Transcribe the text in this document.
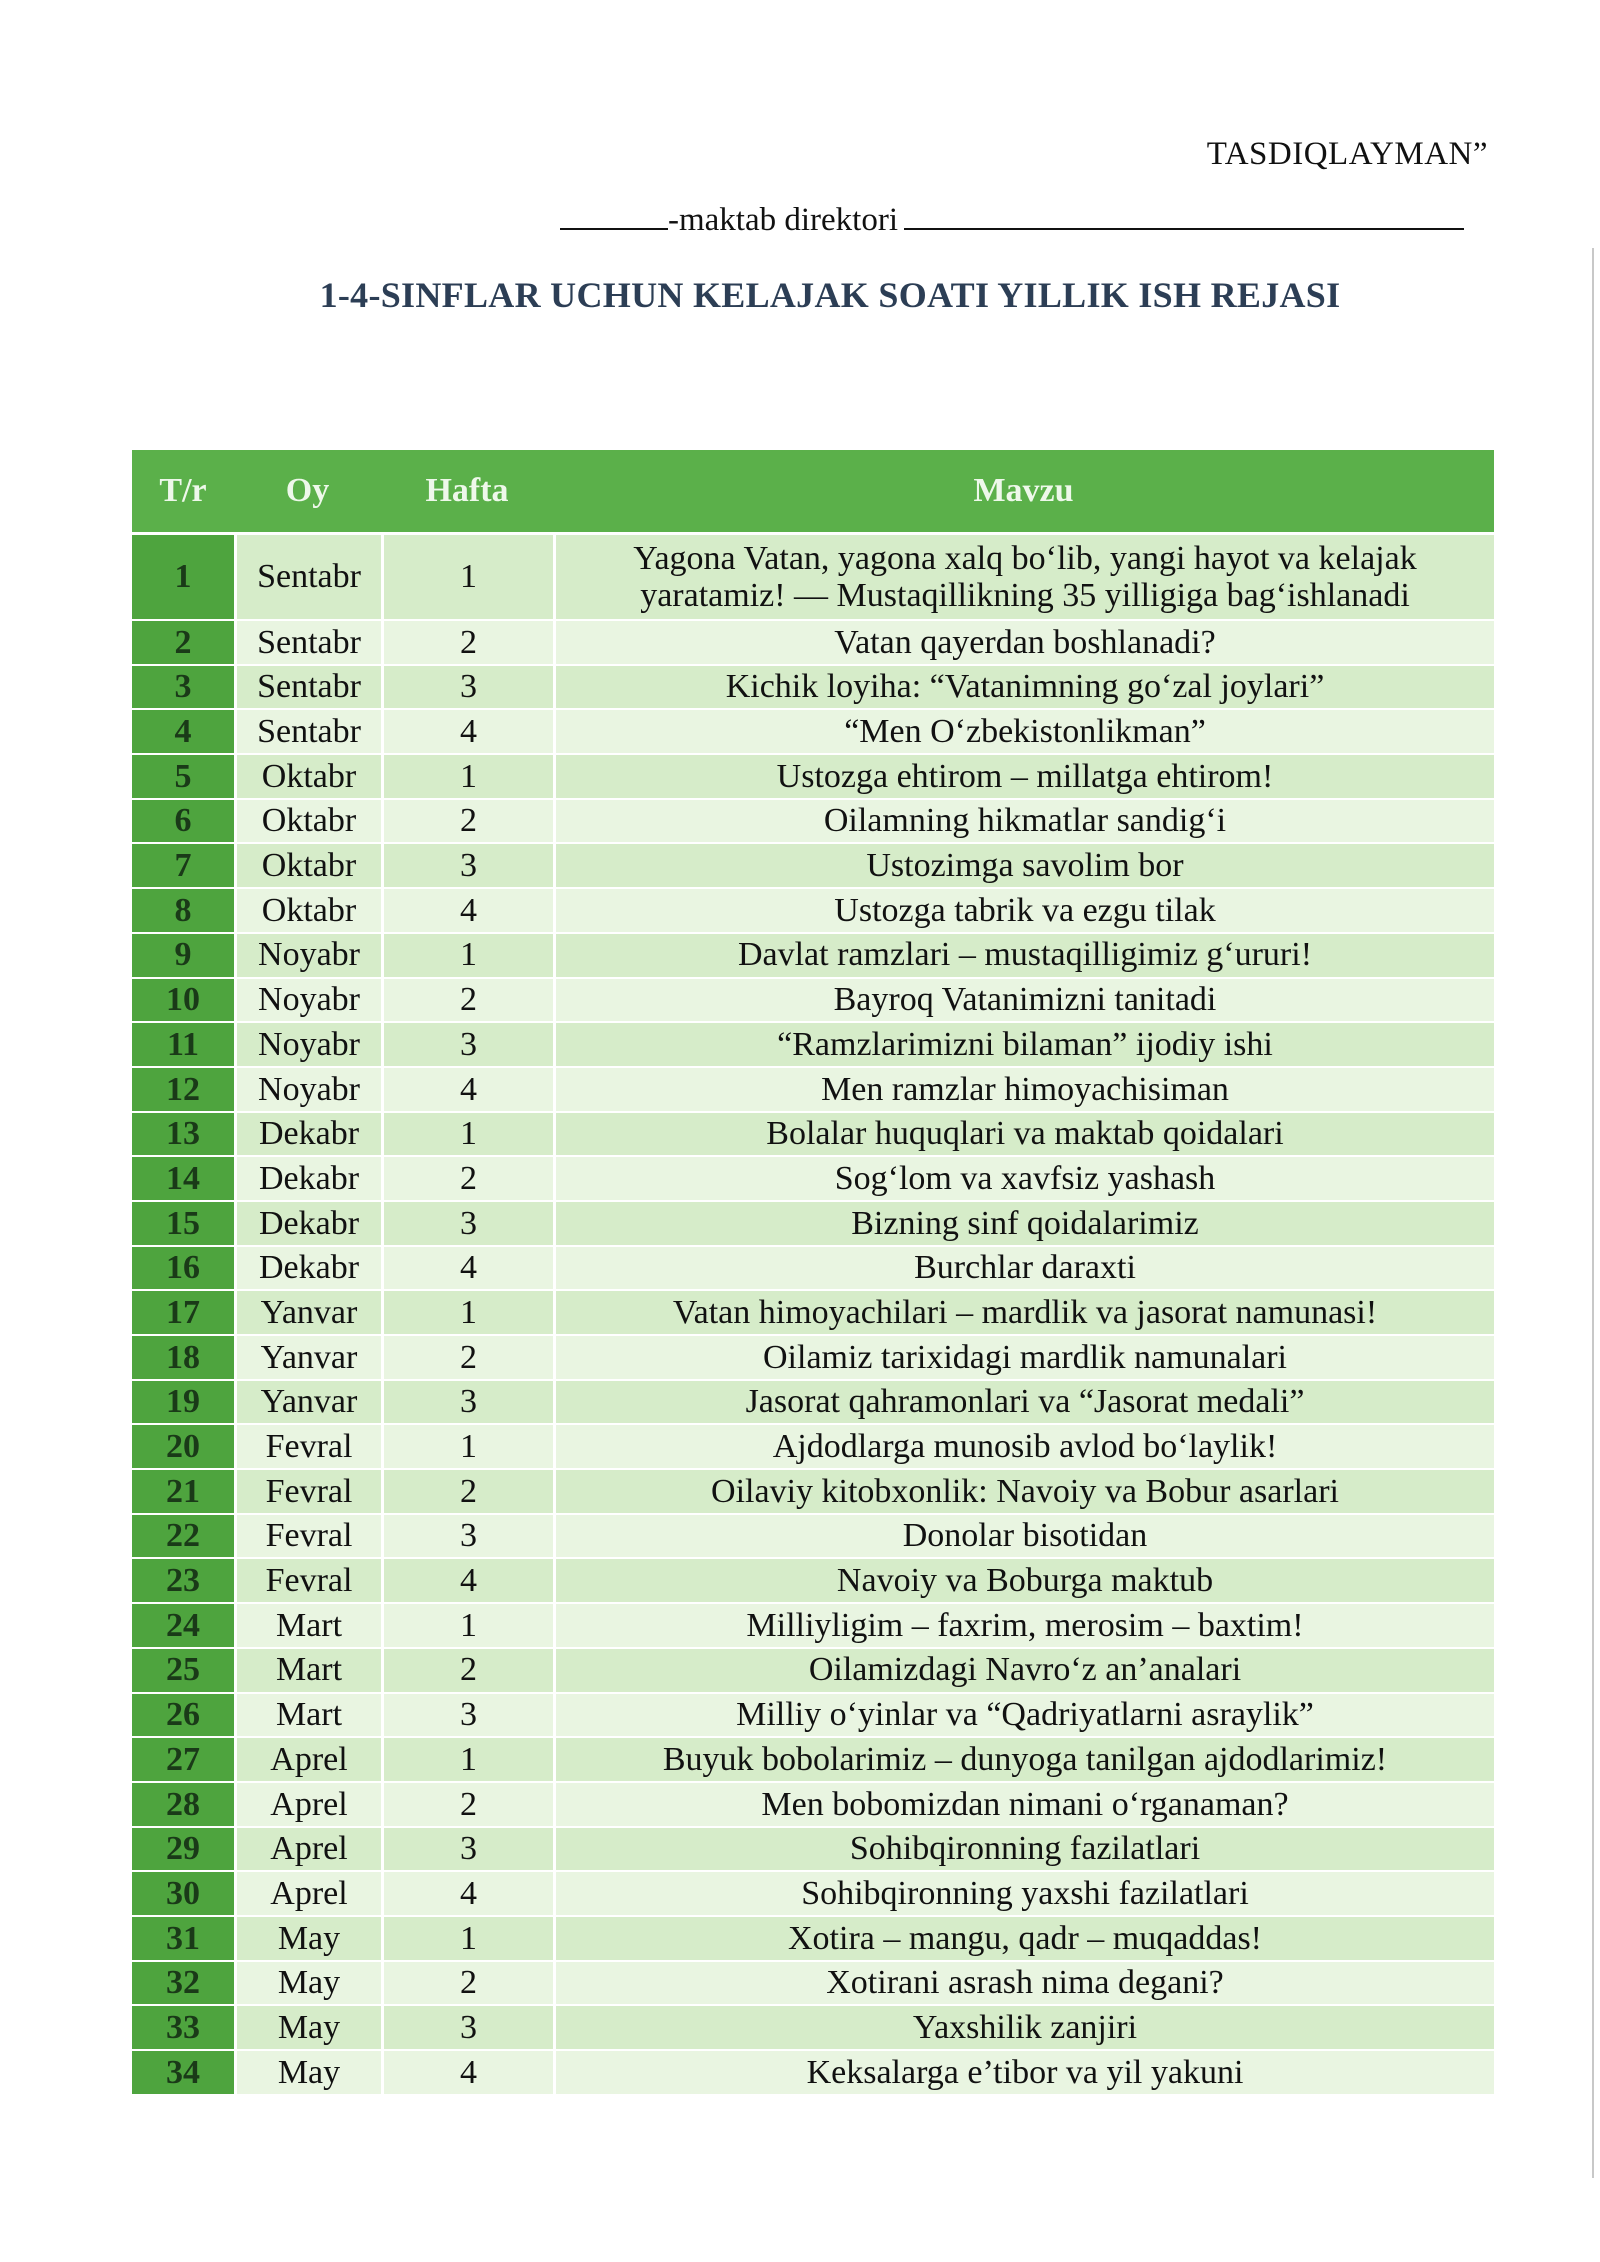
TASDIQLAYMAN”
-maktab direktori
1-4-SINFLAR UCHUN KELAJAK SOATI YILLIK ISH REJASI
T/r	Oy	Hafta	Mavzu
1	Sentabr	1	Yagona Vatan, yagona xalq bo‘lib, yangi hayot va kelajak yaratamiz! — Mustaqillikning 35 yilligiga bag‘ishlanadi
2	Sentabr	2	Vatan qayerdan boshlanadi?
3	Sentabr	3	Kichik loyiha: “Vatanimning go‘zal joylari”
4	Sentabr	4	“Men O‘zbekistonlikman”
5	Oktabr	1	Ustozga ehtirom – millatga ehtirom!
6	Oktabr	2	Oilamning hikmatlar sandig‘i
7	Oktabr	3	Ustozimga savolim bor
8	Oktabr	4	Ustozga tabrik va ezgu tilak
9	Noyabr	1	Davlat ramzlari – mustaqilligimiz g‘ururi!
10	Noyabr	2	Bayroq Vatanimizni tanitadi
11	Noyabr	3	“Ramzlarimizni bilaman” ijodiy ishi
12	Noyabr	4	Men ramzlar himoyachisiman
13	Dekabr	1	Bolalar huquqlari va maktab qoidalari
14	Dekabr	2	Sog‘lom va xavfsiz yashash
15	Dekabr	3	Bizning sinf qoidalarimiz
16	Dekabr	4	Burchlar daraxti
17	Yanvar	1	Vatan himoyachilari – mardlik va jasorat namunasi!
18	Yanvar	2	Oilamiz tarixidagi mardlik namunalari
19	Yanvar	3	Jasorat qahramonlari va “Jasorat medali”
20	Fevral	1	Ajdodlarga munosib avlod bo‘laylik!
21	Fevral	2	Oilaviy kitobxonlik: Navoiy va Bobur asarlari
22	Fevral	3	Donolar bisotidan
23	Fevral	4	Navoiy va Boburga maktub
24	Mart	1	Milliyligim – faxrim, merosim – baxtim!
25	Mart	2	Oilamizdagi Navro‘z an’analari
26	Mart	3	Milliy o‘yinlar va “Qadriyatlarni asraylik”
27	Aprel	1	Buyuk bobolarimiz – dunyoga tanilgan ajdodlarimiz!
28	Aprel	2	Men bobomizdan nimani o‘rganaman?
29	Aprel	3	Sohibqironning fazilatlari
30	Aprel	4	Sohibqironning yaxshi fazilatlari
31	May	1	Xotira – mangu, qadr – muqaddas!
32	May	2	Xotirani asrash nima degani?
33	May	3	Yaxshilik zanjiri
34	May	4	Keksalarga e’tibor va yil yakuni
